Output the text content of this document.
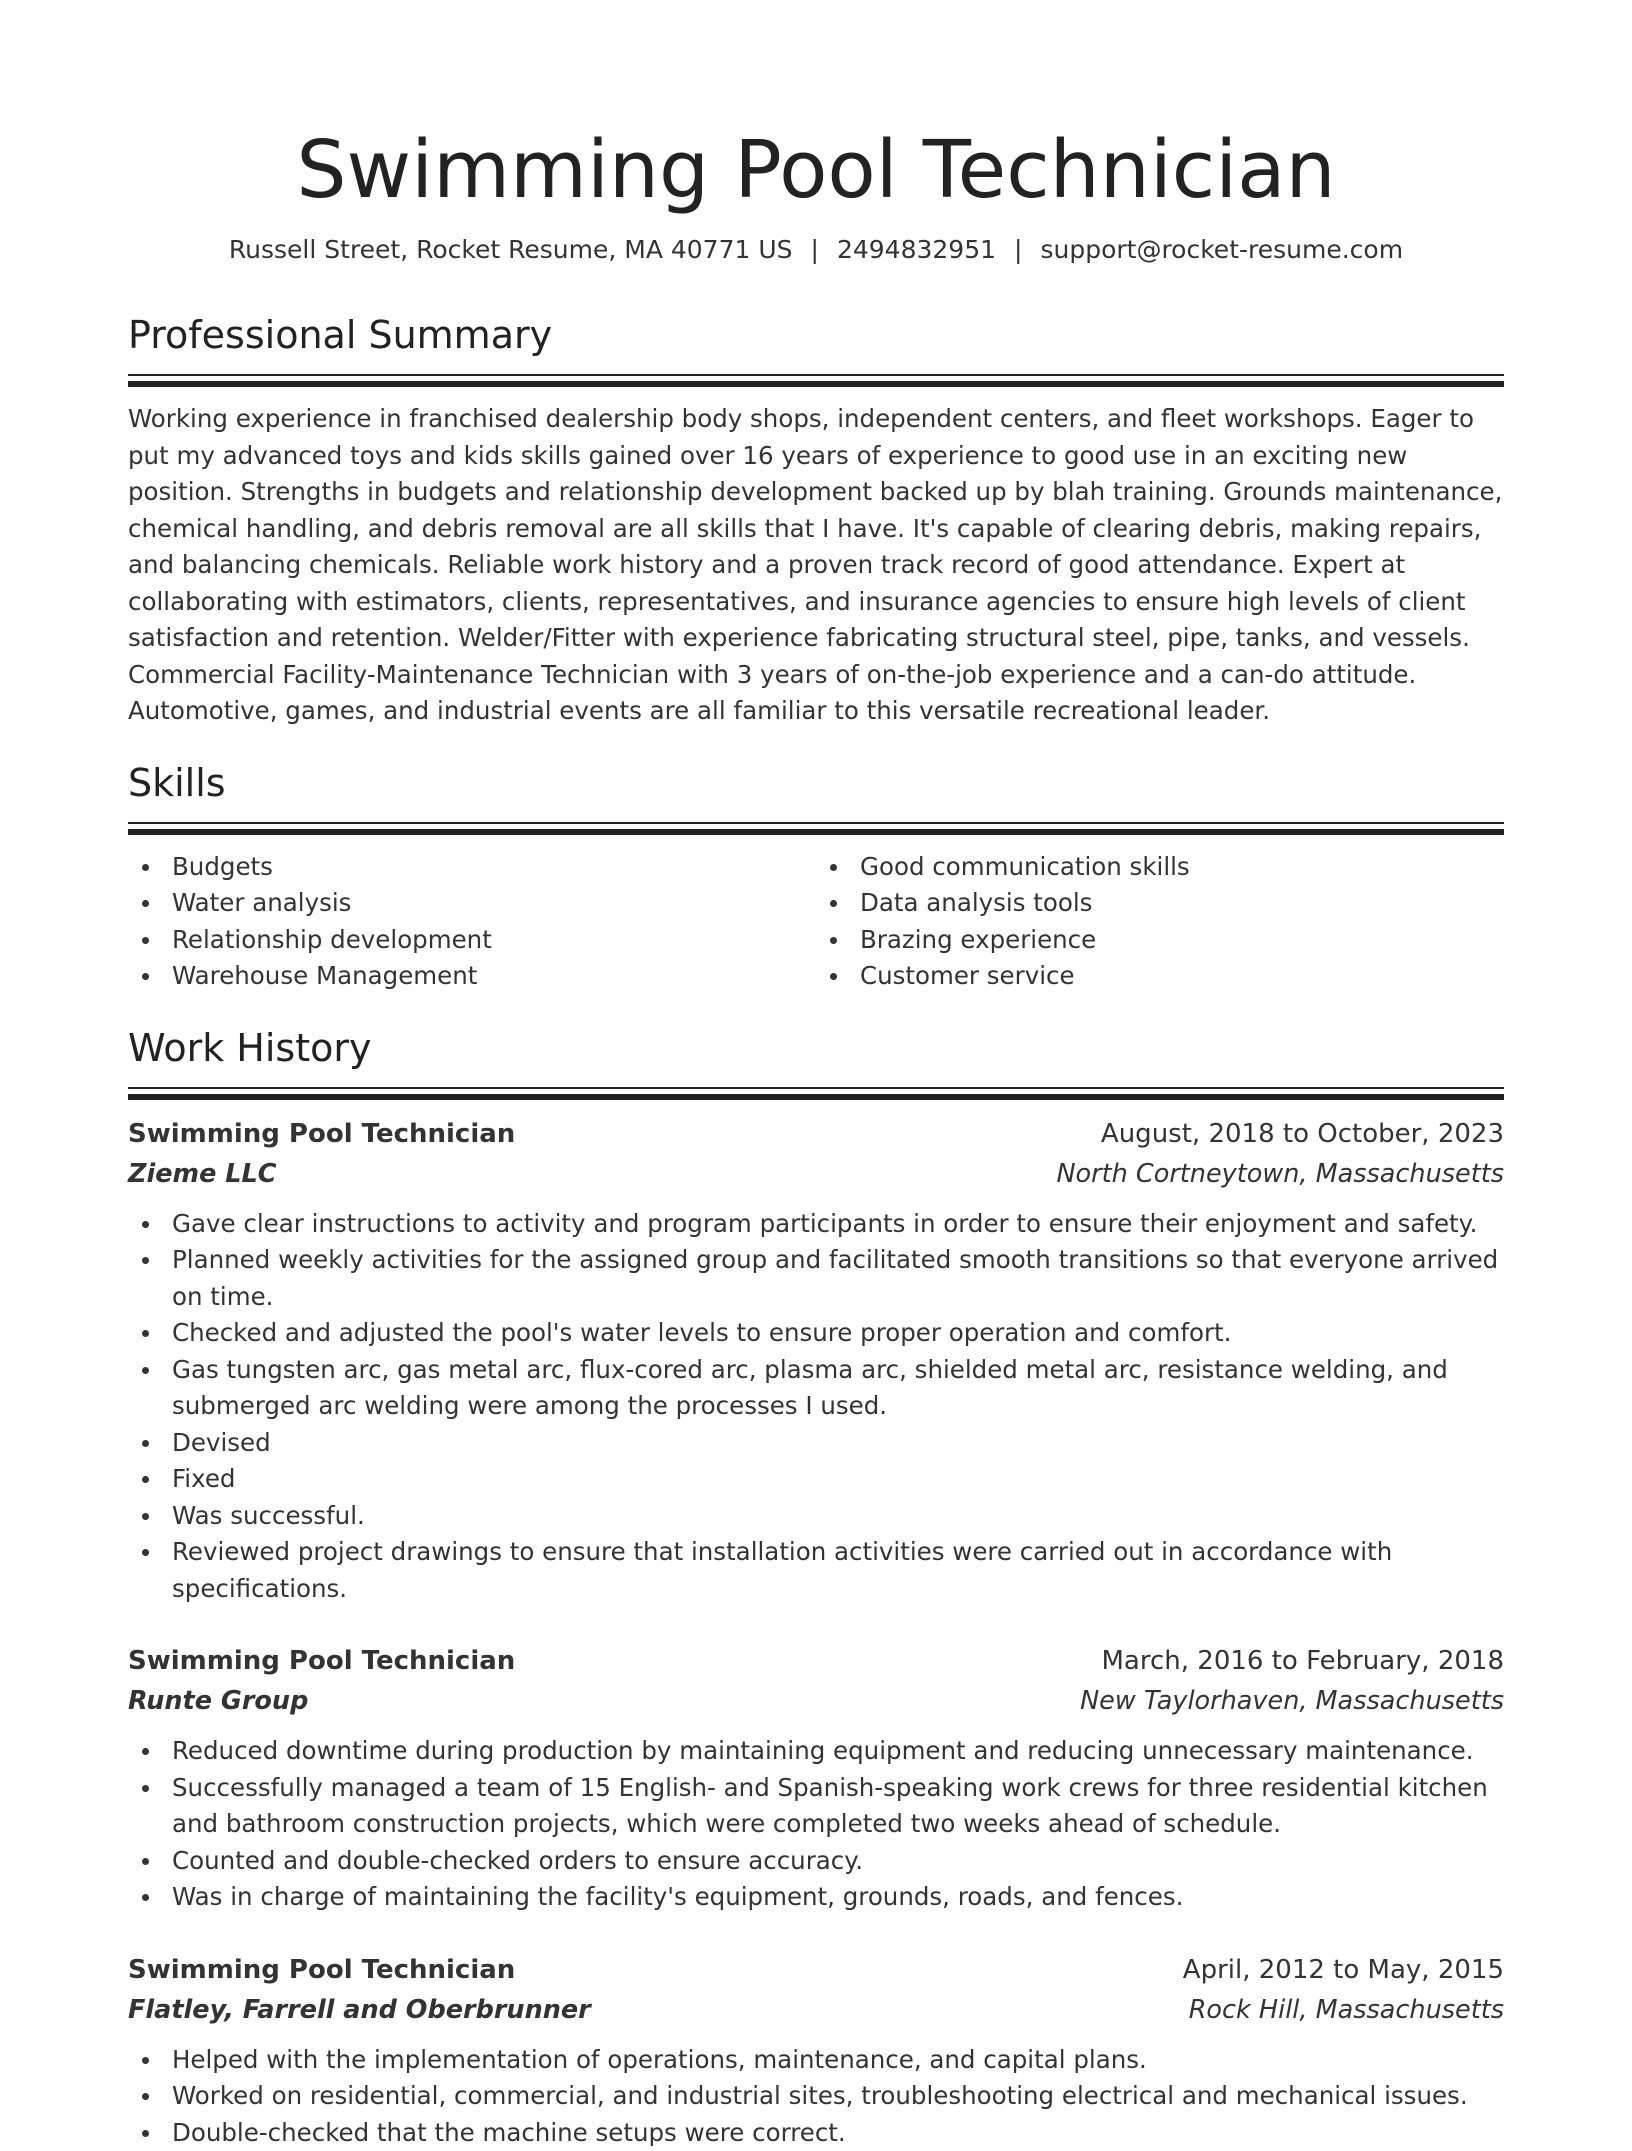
Swimming Pool Technician
Russell Street, Rocket Resume, MA 40771 US | 2494832951 | support@rocket-resume.com
Professional Summary

Working experience in franchised dealership body shops, independent centers, and fleet workshops. Eager to put my advanced toys and kids skills gained over 16 years of experience to good use in an exciting new position. Strengths in budgets and relationship development backed up by blah training. Grounds maintenance, chemical handling, and debris removal are all skills that I have. It's capable of clearing debris, making repairs, and balancing chemicals. Reliable work history and a proven track record of good attendance. Expert at collaborating with estimators, clients, representatives, and insurance agencies to ensure high levels of client satisfaction and retention. Welder/Fitter with experience fabricating structural steel, pipe, tanks, and vessels. Commercial Facility-Maintenance Technician with 3 years of on-the-job experience and a can-do attitude. Automotive, games, and industrial events are all familiar to this versatile recreational leader.

Skills
Budgets
Water analysis
Relationship development
Warehouse Management
Good communication skills
Data analysis tools
Brazing experience
Customer service
Work History
Swimming Pool Technician	August, 2018 to October, 2023
Zieme LLC	North Cortneytown, Massachusetts
Gave clear instructions to activity and program participants in order to ensure their enjoyment and safety.
Planned weekly activities for the assigned group and facilitated smooth transitions so that everyone arrived on time.
Checked and adjusted the pool's water levels to ensure proper operation and comfort.
Gas tungsten arc, gas metal arc, flux-cored arc, plasma arc, shielded metal arc, resistance welding, and submerged arc welding were among the processes I used.
Devised
Fixed
Was successful.
Reviewed project drawings to ensure that installation activities were carried out in accordance with specifications.
Swimming Pool Technician	March, 2016 to February, 2018
Runte Group	New Taylorhaven, Massachusetts
Reduced downtime during production by maintaining equipment and reducing unnecessary maintenance.
Successfully managed a team of 15 English- and Spanish-speaking work crews for three residential kitchen and bathroom construction projects, which were completed two weeks ahead of schedule.
Counted and double-checked orders to ensure accuracy.
Was in charge of maintaining the facility's equipment, grounds, roads, and fences.
Swimming Pool Technician	April, 2012 to May, 2015
Flatley, Farrell and Oberbrunner	Rock Hill, Massachusetts
Helped with the implementation of operations, maintenance, and capital plans.
Worked on residential, commercial, and industrial sites, troubleshooting electrical and mechanical issues.
Double-checked that the machine setups were correct.
